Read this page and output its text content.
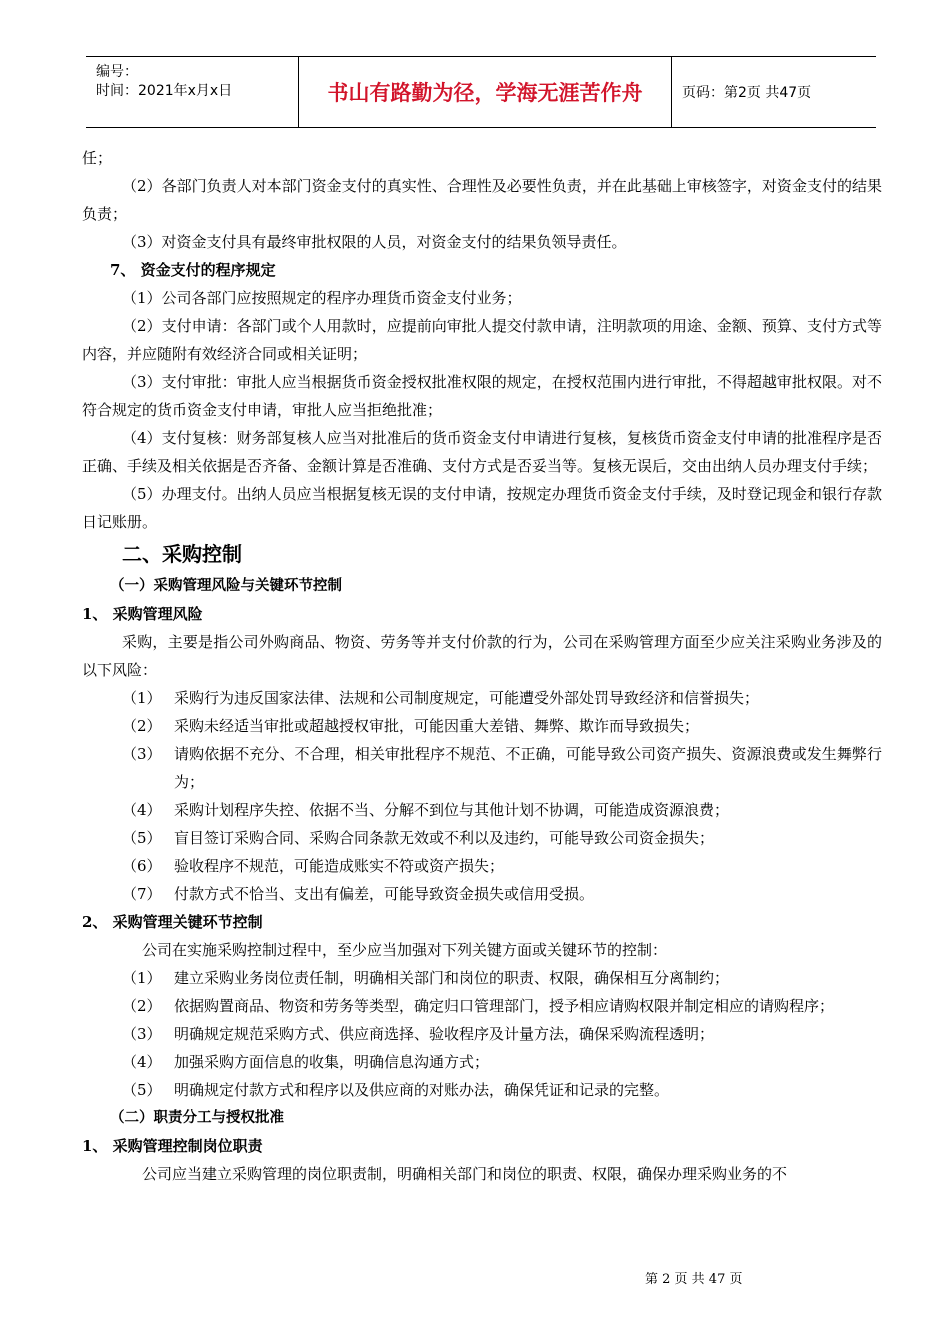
编号：
时间：2021年x月x日	书山有路勤为径，学海无涯苦作舟	页码：第2页 共47页

任；

（2）各部门负责人对本部门资金支付的真实性、合理性及必要性负责，并在此基础上审核签字，对资金支付的结果负责；

（3）对资金支付具有最终审批权限的人员，对资金支付的结果负领导责任。

7、 资金支付的程序规定

（1）公司各部门应按照规定的程序办理货币资金支付业务；

（2）支付申请：各部门或个人用款时，应提前向审批人提交付款申请，注明款项的用途、金额、预算、支付方式等内容，并应随附有效经济合同或相关证明；

（3）支付审批：审批人应当根据货币资金授权批准权限的规定，在授权范围内进行审批，不得超越审批权限。对不符合规定的货币资金支付申请，审批人应当拒绝批准；

（4）支付复核：财务部复核人应当对批准后的货币资金支付申请进行复核，复核货币资金支付申请的批准程序是否正确、手续及相关依据是否齐备、金额计算是否准确、支付方式是否妥当等。复核无误后，交由出纳人员办理支付手续；

（5）办理支付。出纳人员应当根据复核无误的支付申请，按规定办理货币资金支付手续，及时登记现金和银行存款日记账册。

二、采购控制

（一）采购管理风险与关键环节控制

1、 采购管理风险

采购，主要是指公司外购商品、物资、劳务等并支付价款的行为，公司在采购管理方面至少应关注采购业务涉及的以下风险：

（1） 采购行为违反国家法律、法规和公司制度规定，可能遭受外部处罚导致经济和信誉损失；
（2） 采购未经适当审批或超越授权审批，可能因重大差错、舞弊、欺诈而导致损失；
（3） 请购依据不充分、不合理，相关审批程序不规范、不正确，可能导致公司资产损失、资源浪费或发生舞弊行为；
（4） 采购计划程序失控、依据不当、分解不到位与其他计划不协调，可能造成资源浪费；
（5） 盲目签订采购合同、采购合同条款无效或不利以及违约，可能导致公司资金损失；
（6） 验收程序不规范，可能造成账实不符或资产损失；
（7） 付款方式不恰当、支出有偏差，可能导致资金损失或信用受损。

2、 采购管理关键环节控制

公司在实施采购控制过程中，至少应当加强对下列关键方面或关键环节的控制：

（1） 建立采购业务岗位责任制，明确相关部门和岗位的职责、权限，确保相互分离制约；
（2） 依据购置商品、物资和劳务等类型，确定归口管理部门，授予相应请购权限并制定相应的请购程序；
（3） 明确规定规范采购方式、供应商选择、验收程序及计量方法，确保采购流程透明；
（4） 加强采购方面信息的收集，明确信息沟通方式；
（5） 明确规定付款方式和程序以及供应商的对账办法，确保凭证和记录的完整。

（二）职责分工与授权批准

1、 采购管理控制岗位职责

公司应当建立采购管理的岗位职责制，明确相关部门和岗位的职责、权限，确保办理采购业务的不

第 2 页 共 47 页
